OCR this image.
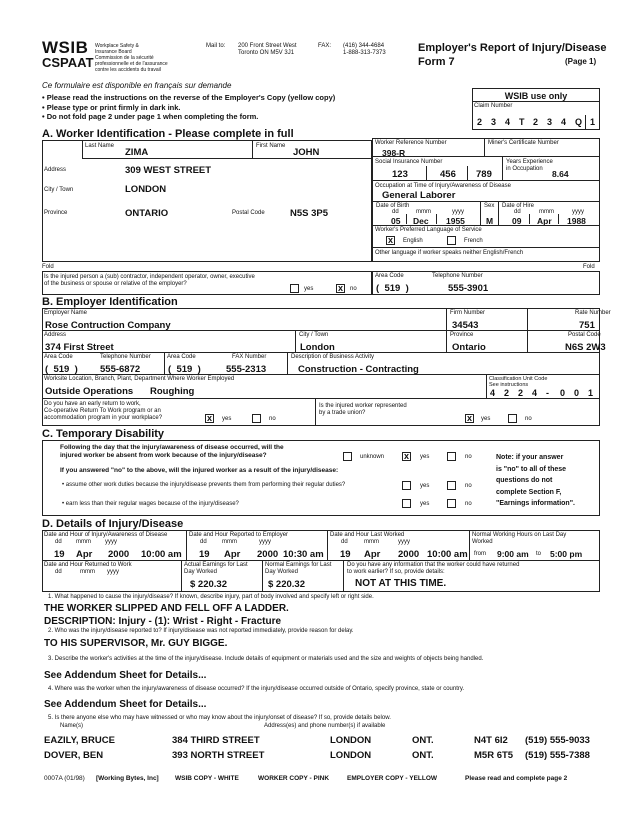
WSIB
CSPAAT
Workplace Safety &
Insurance Board
Commission de la sécurité
professionnelle et de l'assurance
contre les accidents du travail
Mail to: 200 Front Street West
Toronto ON M5V 3J1
FAX: (416) 344-4684
1-888-313-7373	Employer's Report of Injury/Disease
Form 7	(Page 1)
Ce formulaire est disponible en français sur demande
• Please read the instructions on the reverse of the Employer's Copy (yellow copy)
• Please type or print firmly in dark ink.
• Do not fold page 2 under page 1 when completing the form.
WSIB use only
Claim Number
2 3 4 T 2 3 4 Q 1
A. Worker Identification - Please complete in full
Last Name
ZIMA
First Name
JOHN
Address	309 WEST STREET
City / Town	LONDON
Province	ONTARIO	Postal Code	N5S 3P5
Fold	Fold
Is the injured person a (sub) contractor, independent operator, owner, executive
of the business or spouse or relative of the employer?
yes	x	no
Worker Reference Number
398-R
Miner's Certificate Number
Social Insurance Number
123	456 789
Years Experience
in Occupation	8.64
Occupation at Time of Injury/Awareness of Disease
General Laborer
Date of Birth
dd	mmm	yyyy
05 Dec 1955
Sex
M
Date of Hire
dd	mmm	yyyy
09 Apr 1988
Worker's Preferred Language of Service
x	English	French
Other language if worker speaks neither English/French
Area Code	Telephone Number
(  519  )	555-3901
B. Employer Identification
Employer Name
Rose Contruction Company
Firm Number
34543
Rate Number
751
Address
374 First Street
City / Town
London
Province
Ontario
Postal Code
N6S 2W3
Area Code	Telephone Number
(  519  ) 555-6872
Area Code	FAX Number
(  519  )	555-2313
Description of Business Activity
Construction - Contracting
Worksite Location, Branch, Plant, Department Where Worker Employed
Outside Operations Roughing
Classification Unit Code
See instructions
4 2 2 4 - 0 0 1
Do you have an early return to work,
Co-operative Return To Work program or an
accommodation program in your workplace?	x	yes	no
Is the injured worker represented
by a trade union?	x	yes	no
C. Temporary Disability
Following the day that the injury/awareness of disease occurred, will the
injured worker be absent from work because of the injury/disease?	unknown x	yes	no
If you answered "no" to the above, will the injured worker as a result of the injury/disease:
• assume other work duties because the injury/disease prevents them from performing their regular duties?	yes	no
• earn less than their regular wages because of the injury/disease?	yes	no
Note: if your answer
is "no" to all of these
questions do not
complete Section F,
"Earnings information".
D. Details of Injury/Disease
Date and Hour of Injury/Awareness of Disease
dd mmm yyyy
19 Apr 2000 10:00 am
Date and Hour Reported to Employer
dd	mmm	yyyy
19 Apr 2000 10:30 am
Date and Hour Last Worked
dd	mmm	yyyy
19 Apr 2000 10:00 am
Normal Working Hours on Last Day
Worked
from 9:00 am to 5:00 pm
Date and Hour Returned to Work
dd	mmm yyyy
Actual Earnings for Last
Day Worked
$ 220.32
Normal Earnings for Last
Day Worked
$ 220.32
Do you have any information that the worker could have returned
to work earlier? If so, provide details:
NOT AT THIS TIME.
1. What happened to cause the injury/disease? If known, describe injury, part of body involved and specify left or right side.
THE WORKER SLIPPED AND FELL OFF A LADDER.
DESCRIPTION: Injury - (1): Wrist - Right - Fracture
2. Who was the injury/disease reported to? If injury/disease was not reported immediately, provide reason for delay.
TO HIS SUPERVISOR, Mr. GUY BIGGE.
3. Describe the worker's activities at the time of the injury/disease. Include details of equipment or materials used and the size and weights of objects being handled.
See Addendum Sheet for Details...
4. Where was the worker when the injury/awareness of disease occurred? If the injury/disease occurred outside of Ontario, specify province, state or country.
See Addendum Sheet for Details...
5. Is there anyone else who may have witnessed or who may know about the injury/onset of disease? If so, provide details below.
Name(s)	Address(es) and phone number(s) if available
EAZILY, BRUCE	384 THIRD STREET	LONDON	ONT.	N4T 6I2 (519) 555-9033
DOVER, BEN	393 NORTH STREET	LONDON	ONT.	M5R 6T5 (519) 555-7388
0007A (01/98) [Working Bytes, Inc]	WSIB COPY - WHITE	WORKER COPY - PINK	EMPLOYER COPY - YELLOW	Please read and complete page 2
